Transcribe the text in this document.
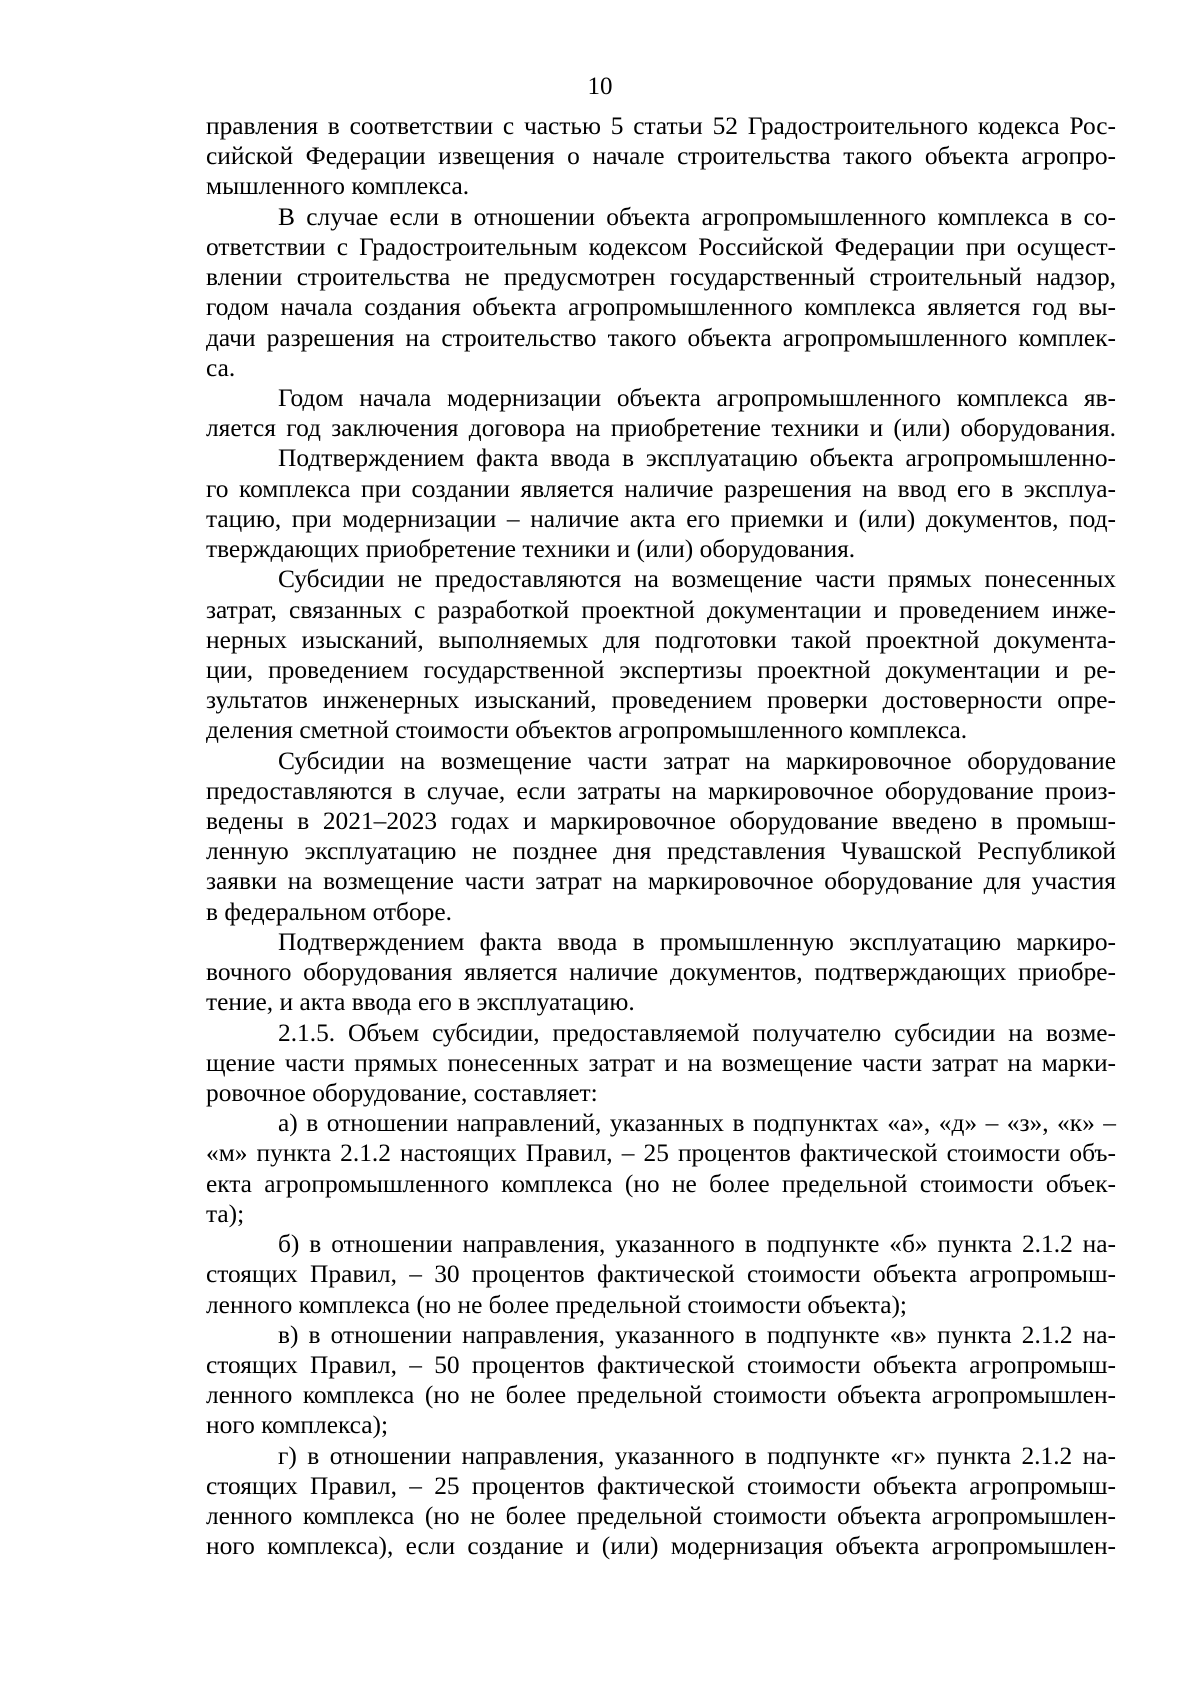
10
правления в соответствии с частью 5 статьи 52 Градостроительного кодекса Рос-
сийской Федерации извещения о начале строительства такого объекта агропро-
мышленного комплекса.
В случае если в отношении объекта агропромышленного комплекса в со-
ответствии с Градостроительным кодексом Российской Федерации при осущест-
влении строительства не предусмотрен государственный строительный надзор,
годом начала создания объекта агропромышленного комплекса является год вы-
дачи разрешения на строительство такого объекта агропромышленного комплек-
са.
Годом начала модернизации объекта агропромышленного комплекса яв-
ляется год заключения договора на приобретение техники и (или) оборудования.
Подтверждением факта ввода в эксплуатацию объекта агропромышленно-
го комплекса при создании является наличие разрешения на ввод его в эксплуа-
тацию, при модернизации – наличие акта его приемки и (или) документов, под-
тверждающих приобретение техники и (или) оборудования.
Субсидии не предоставляются на возмещение части прямых понесенных
затрат, связанных с разработкой проектной документации и проведением инже-
нерных изысканий, выполняемых для подготовки такой проектной документа-
ции, проведением государственной экспертизы проектной документации и ре-
зультатов инженерных изысканий, проведением проверки достоверности опре-
деления сметной стоимости объектов агропромышленного комплекса.
Субсидии на возмещение части затрат на маркировочное оборудование
предоставляются в случае, если затраты на маркировочное оборудование произ-
ведены в 2021–2023 годах и маркировочное оборудование введено в промыш-
ленную эксплуатацию не позднее дня представления Чувашской Республикой
заявки на возмещение части затрат на маркировочное оборудование для участия
в федеральном отборе.
Подтверждением факта ввода в промышленную эксплуатацию маркиро-
вочного оборудования является наличие документов, подтверждающих приобре-
тение, и акта ввода его в эксплуатацию.
2.1.5. Объем субсидии, предоставляемой получателю субсидии на возме-
щение части прямых понесенных затрат и на возмещение части затрат на марки-
ровочное оборудование, составляет:
а) в отношении направлений, указанных в подпунктах «а», «д» – «з», «к» –
«м» пункта 2.1.2 настоящих Правил, – 25 процентов фактической стоимости объ-
екта агропромышленного комплекса (но не более предельной стоимости объек-
та);
б) в отношении направления, указанного в подпункте «б» пункта 2.1.2 на-
стоящих Правил, – 30 процентов фактической стоимости объекта агропромыш-
ленного комплекса (но не более предельной стоимости объекта);
в) в отношении направления, указанного в подпункте «в» пункта 2.1.2 на-
стоящих Правил, – 50 процентов фактической стоимости объекта агропромыш-
ленного комплекса (но не более предельной стоимости объекта агропромышлен-
ного комплекса);
г) в отношении направления, указанного в подпункте «г» пункта 2.1.2 на-
стоящих Правил, – 25 процентов фактической стоимости объекта агропромыш-
ленного комплекса (но не более предельной стоимости объекта агропромышлен-
ного комплекса), если создание и (или) модернизация объекта агропромышлен-
